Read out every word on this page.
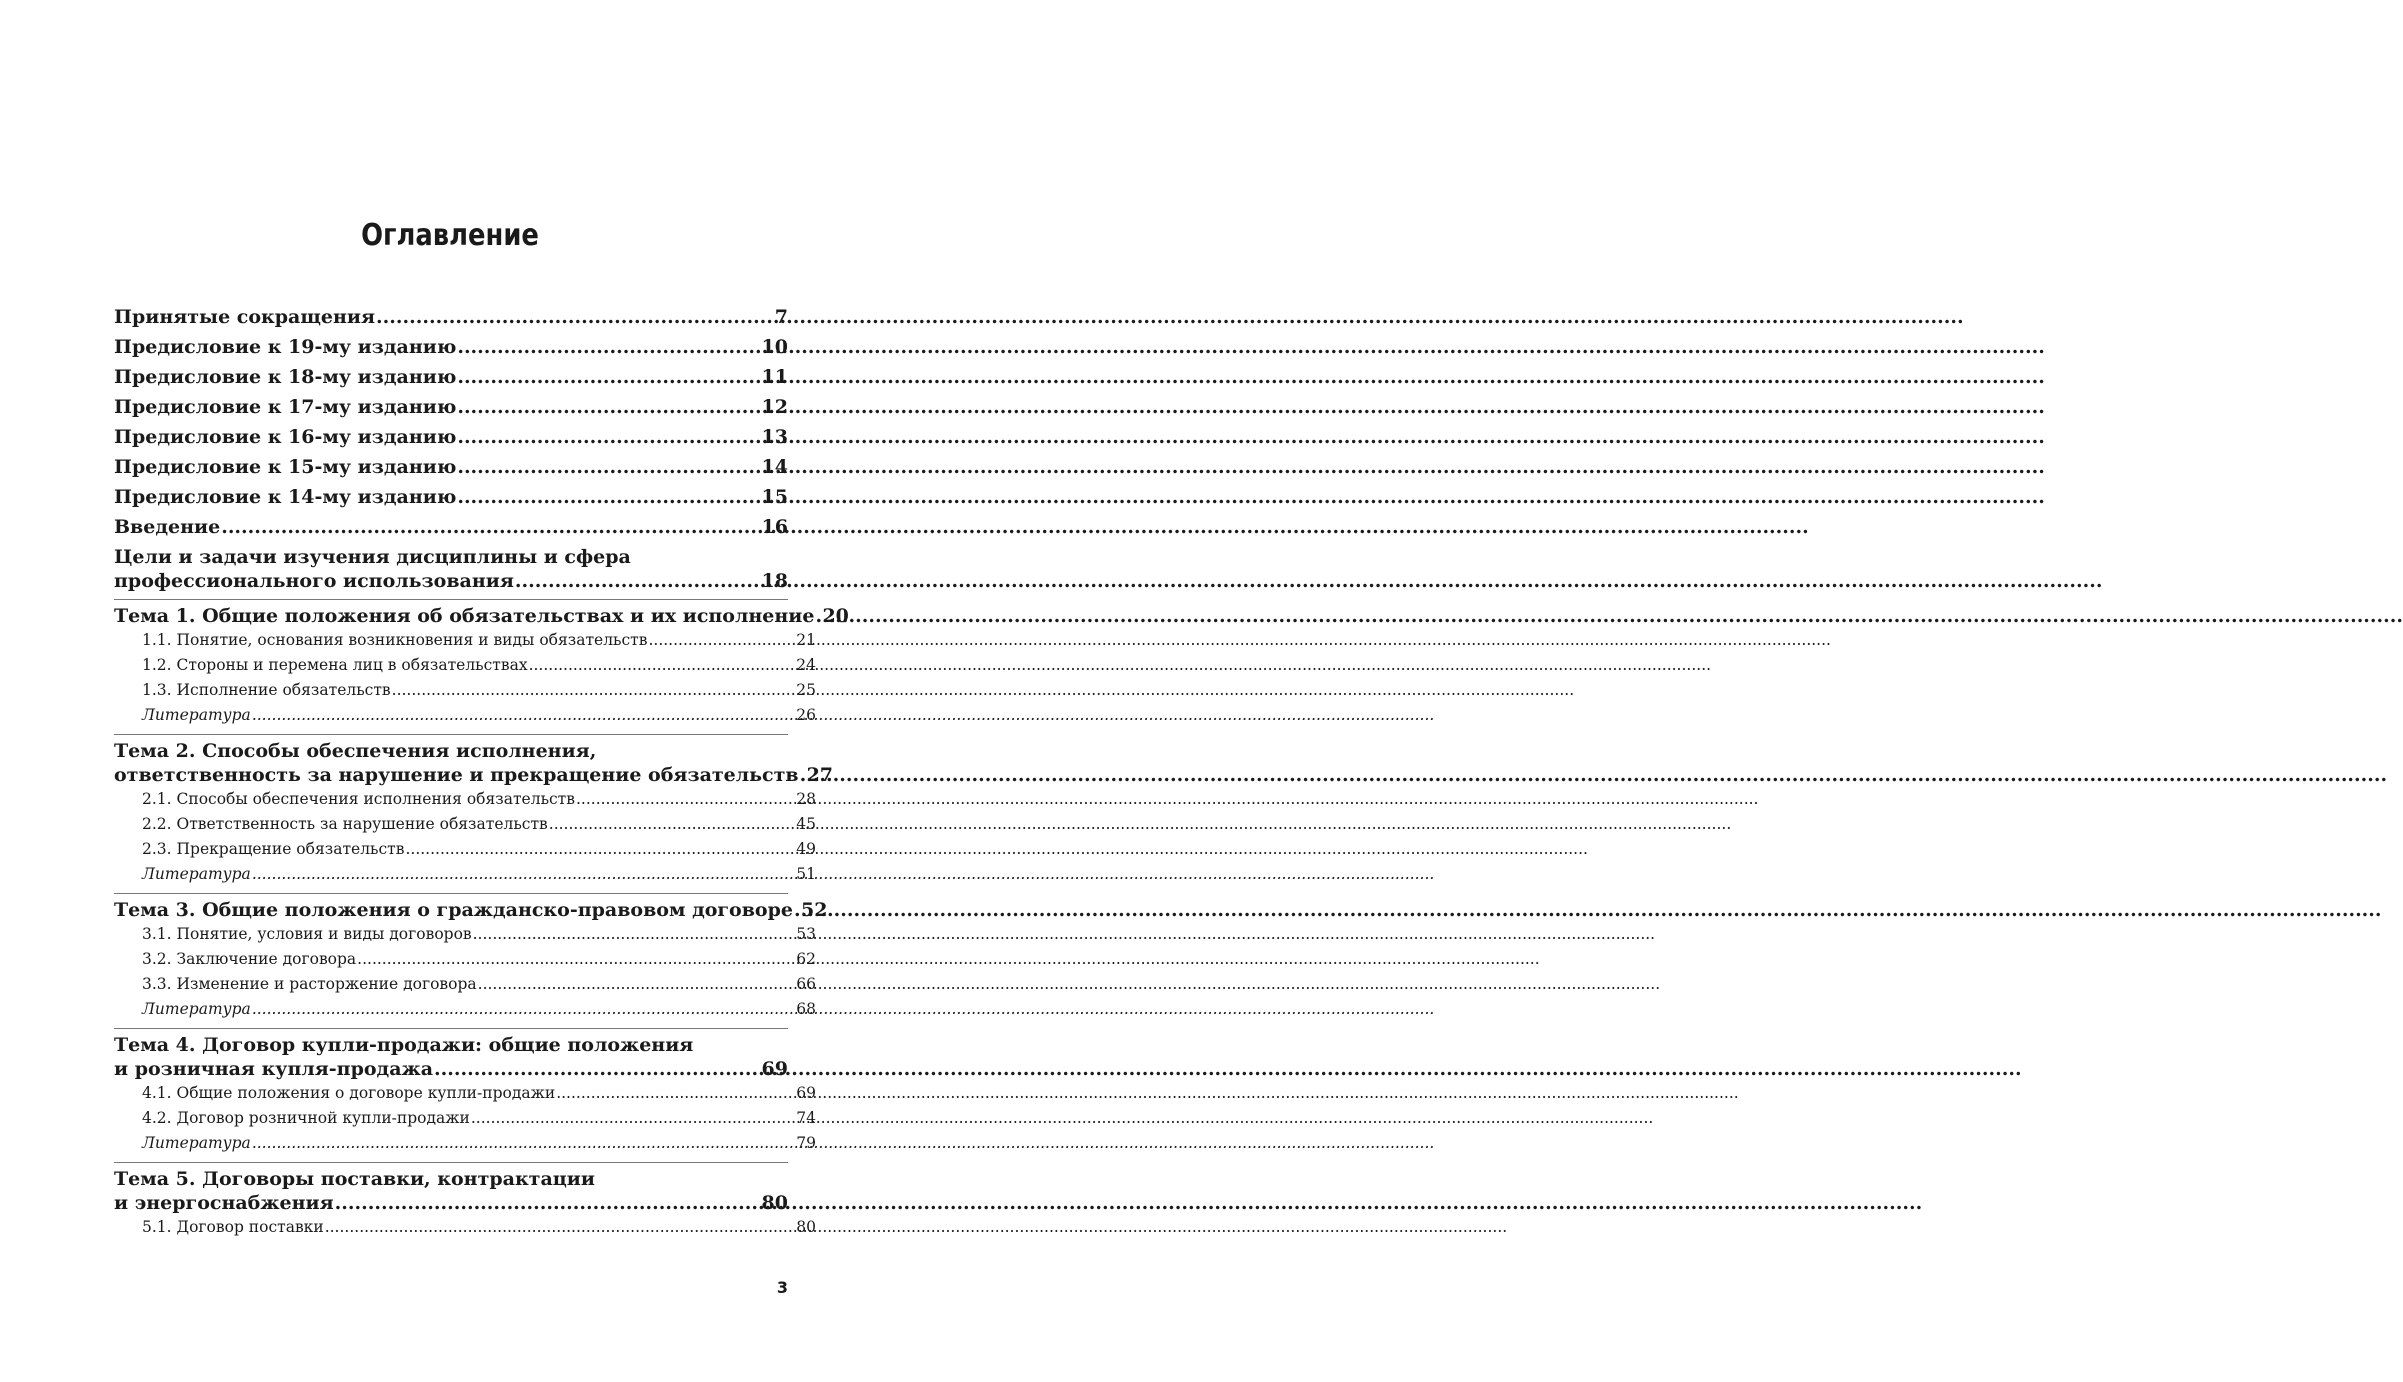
Оглавление
Принятые сокращения .....	7
Предисловие к 19-му изданию .....	10
Предисловие к 18-му изданию .....	11
Предисловие к 17-му изданию .....	12
Предисловие к 16-му изданию .....	13
Предисловие к 15-му изданию .....	14
Предисловие к 14-му изданию .....	15
Введение .....	16
Цели и задачи изучения дисциплины и сфера
профессионального использования .....	18
Тема 1. Общие положения об обязательствах и их исполнение ..... 20
1.1. Понятие, основания возникновения и виды обязательств .....	21
1.2. Стороны и перемена лиц в обязательствах .....	24
1.3. Исполнение обязательств .....	25
Литература .....	26
Тема 2. Способы обеспечения исполнения,
ответственность за нарушение и прекращение обязательств ..... 27
2.1. Способы обеспечения исполнения обязательств .....	28
2.2. Ответственность за нарушение обязательств .....	45
2.3. Прекращение обязательств .....	49
Литература .....	51
Тема 3. Общие положения о гражданско-правовом договоре ..... 52
3.1. Понятие, условия и виды договоров .....	53
3.2. Заключение договора .....	62
3.3. Изменение и расторжение договора .....	66
Литература .....	68
Тема 4. Договор купли-продажи: общие положения
и розничная купля-продажа .....	69
4.1. Общие положения о договоре купли-продажи .....	69
4.2. Договор розничной купли-продажи .....	74
Литература .....	79
Тема 5. Договоры поставки, контрактации
и энергоснабжения .....	80
5.1. Договор поставки .....	80
3
